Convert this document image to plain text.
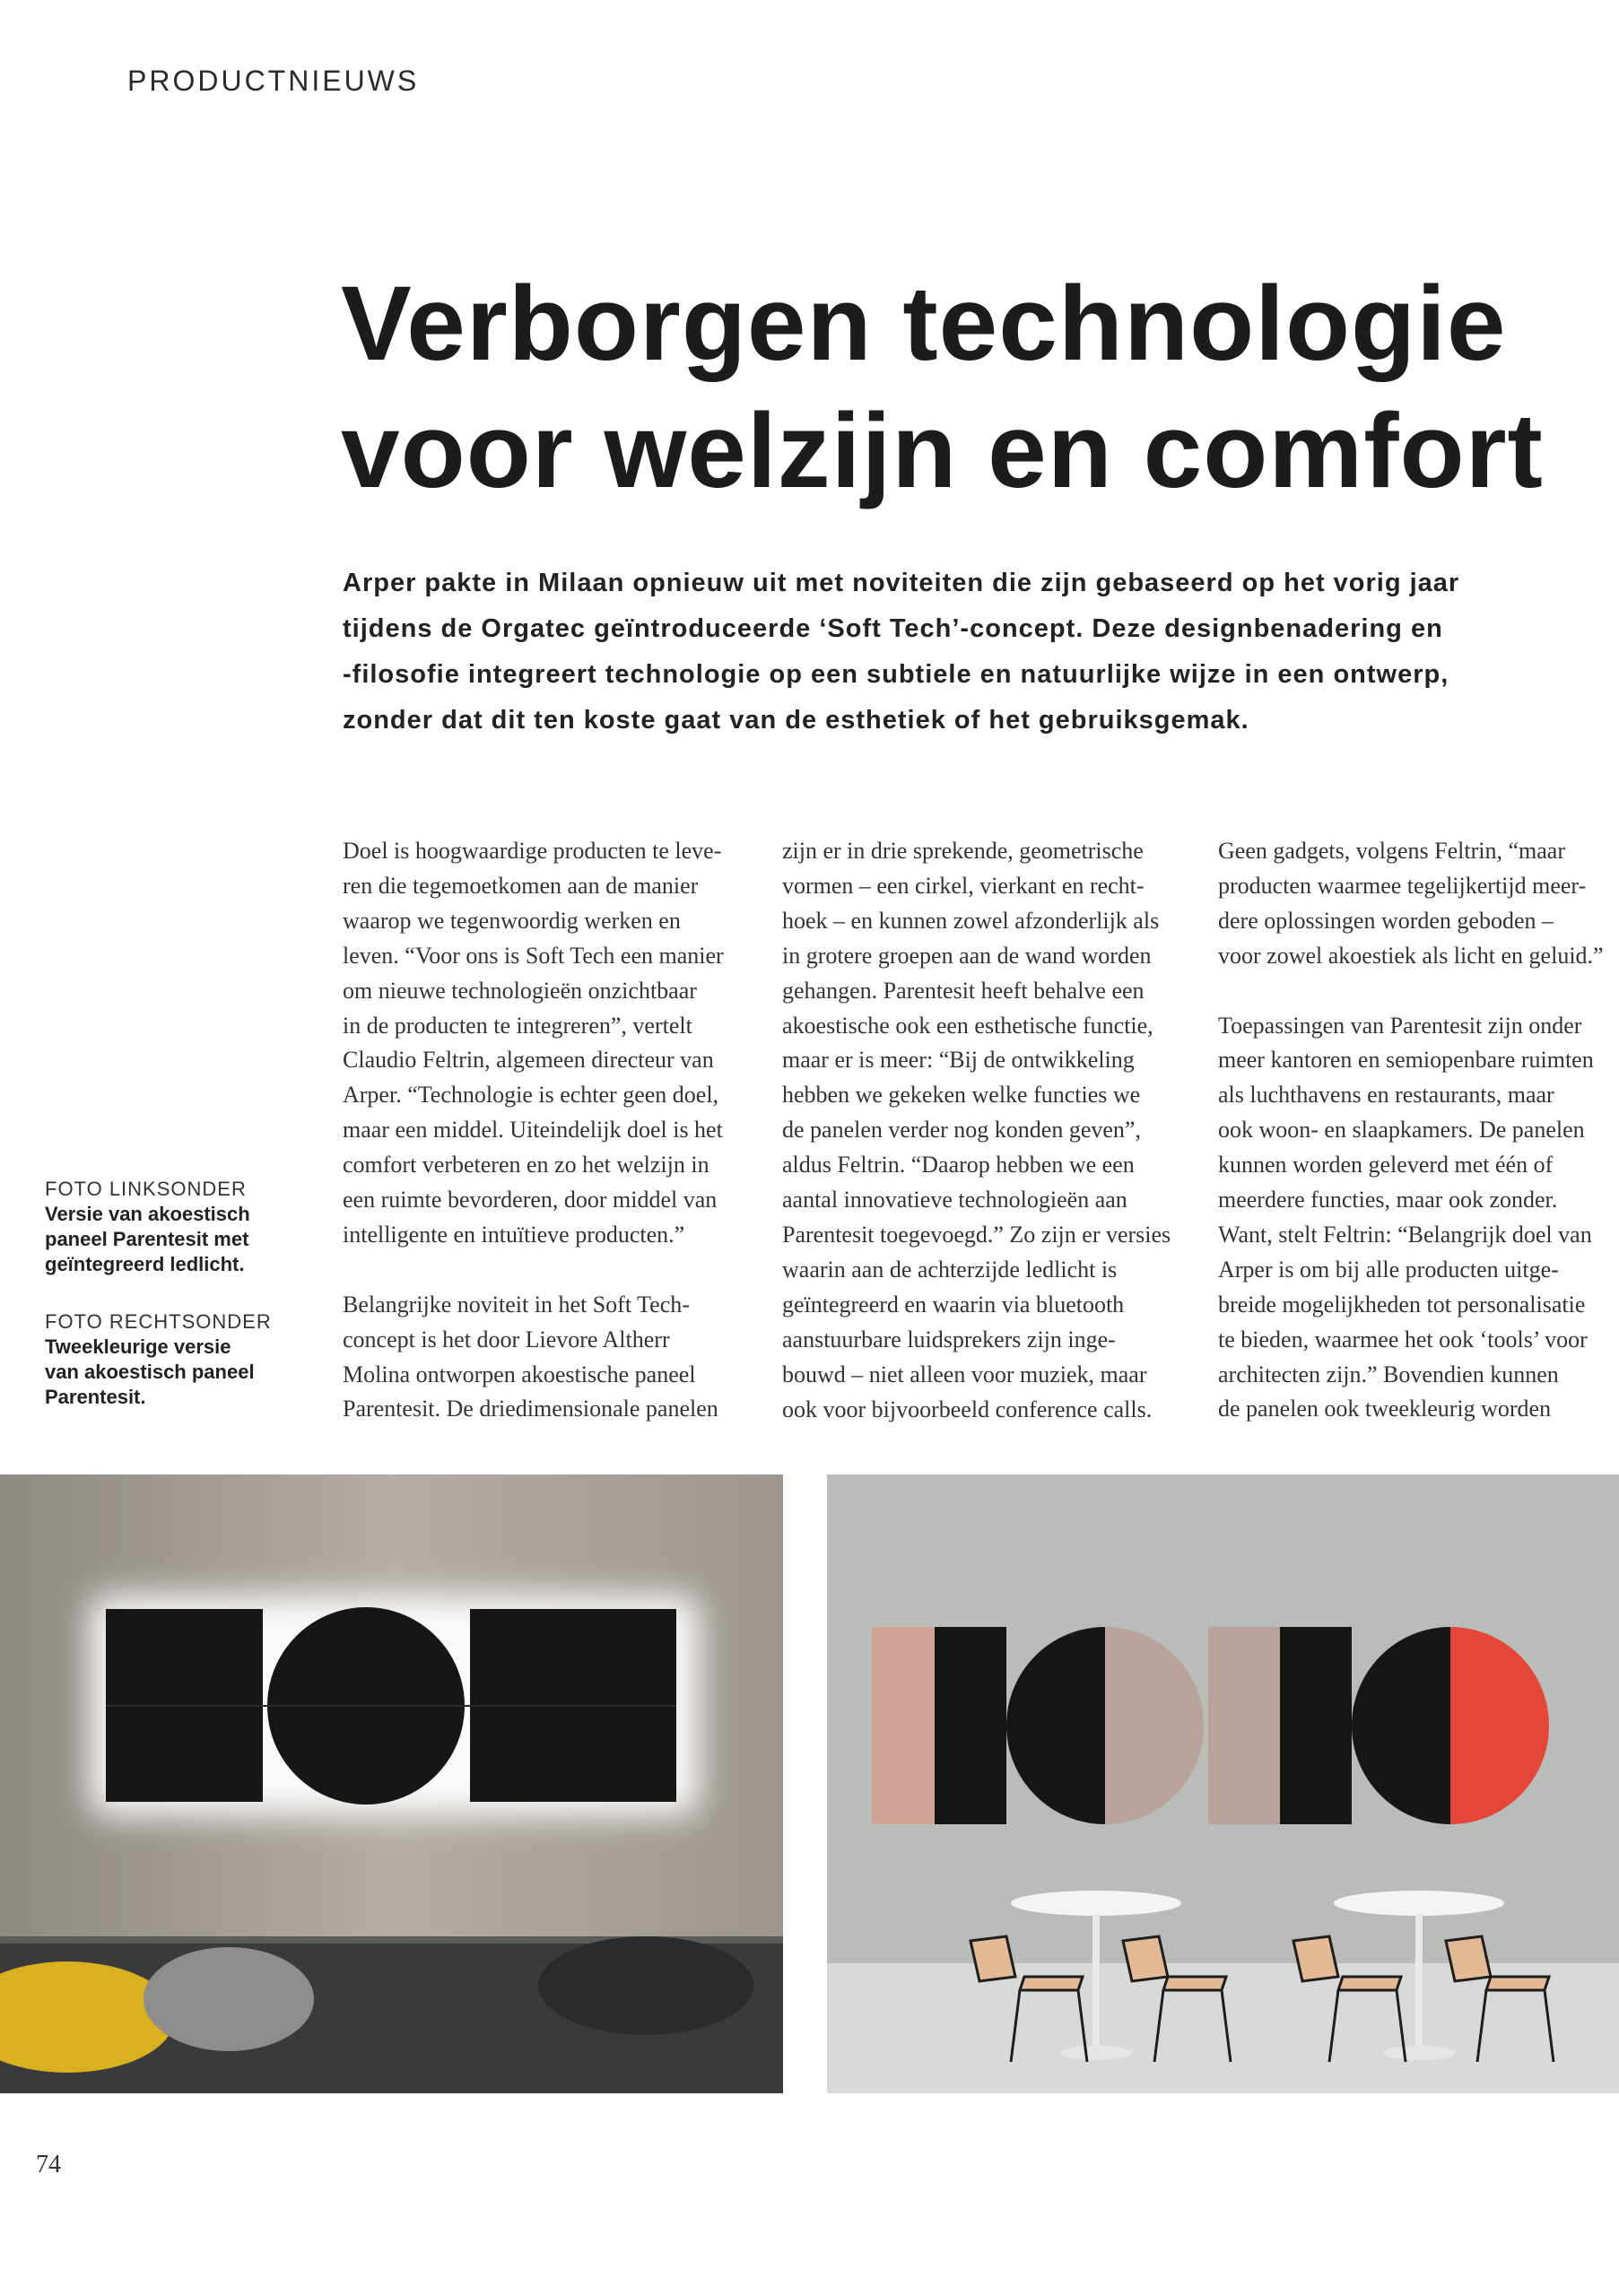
PRODUCTNIEUWS
Verborgen technologie
voor welzijn en comfort
Arper pakte in Milaan opnieuw uit met noviteiten die zijn gebaseerd op het vorig jaar
tijdens de Orgatec geïntroduceerde ‘Soft Tech’-concept. Deze designbenadering en
-filosofie integreert technologie op een subtiele en natuurlijke wijze in een ontwerp,
zonder dat dit ten koste gaat van de esthetiek of het gebruiksgemak.
Doel is hoogwaardige producten te leve-
ren die tegemoetkomen aan de manier
waarop we tegenwoordig werken en
leven. “Voor ons is Soft Tech een manier
om nieuwe technologieën onzichtbaar
in de producten te integreren”, vertelt
Claudio Feltrin, algemeen directeur van
Arper. “Technologie is echter geen doel,
maar een middel. Uiteindelijk doel is het
comfort verbeteren en zo het welzijn in
een ruimte bevorderen, door middel van
intelligente en intuïtieve producten.”
Belangrijke noviteit in het Soft Tech-
concept is het door Lievore Altherr
Molina ontworpen akoestische paneel
Parentesit. De driedimensionale panelen
zijn er in drie sprekende, geometrische
vormen – een cirkel, vierkant en recht-
hoek – en kunnen zowel afzonderlijk als
in grotere groepen aan de wand worden
gehangen. Parentesit heeft behalve een
akoestische ook een esthetische functie,
maar er is meer: “Bij de ontwikkeling
hebben we gekeken welke functies we
de panelen verder nog konden geven”,
aldus Feltrin. “Daarop hebben we een
aantal innovatieve technologieën aan
Parentesit toegevoegd.” Zo zijn er versies
waarin aan de achterzijde ledlicht is
geïntegreerd en waarin via bluetooth
aanstuurbare luidsprekers zijn inge-
bouwd – niet alleen voor muziek, maar
ook voor bijvoorbeeld conference calls.
Geen gadgets, volgens Feltrin, “maar
producten waarmee tegelijkertijd meer-
dere oplossingen worden geboden –
voor zowel akoestiek als licht en geluid.”
Toepassingen van Parentesit zijn onder
meer kantoren en semiopenbare ruimten
als luchthavens en restaurants, maar
ook woon- en slaapkamers. De panelen
kunnen worden geleverd met één of
meerdere functies, maar ook zonder.
Want, stelt Feltrin: “Belangrijk doel van
Arper is om bij alle producten uitge-
breide mogelijkheden tot personalisatie
te bieden, waarmee het ook ‘tools’ voor
architecten zijn.” Bovendien kunnen
de panelen ook tweekleurig worden
FOTO LINKSONDER
Versie van akoestisch
paneel Parentesit met
geïntegreerd ledlicht.
FOTO RECHTSONDER
Tweekleurige versie
van akoestisch paneel
Parentesit.
74
